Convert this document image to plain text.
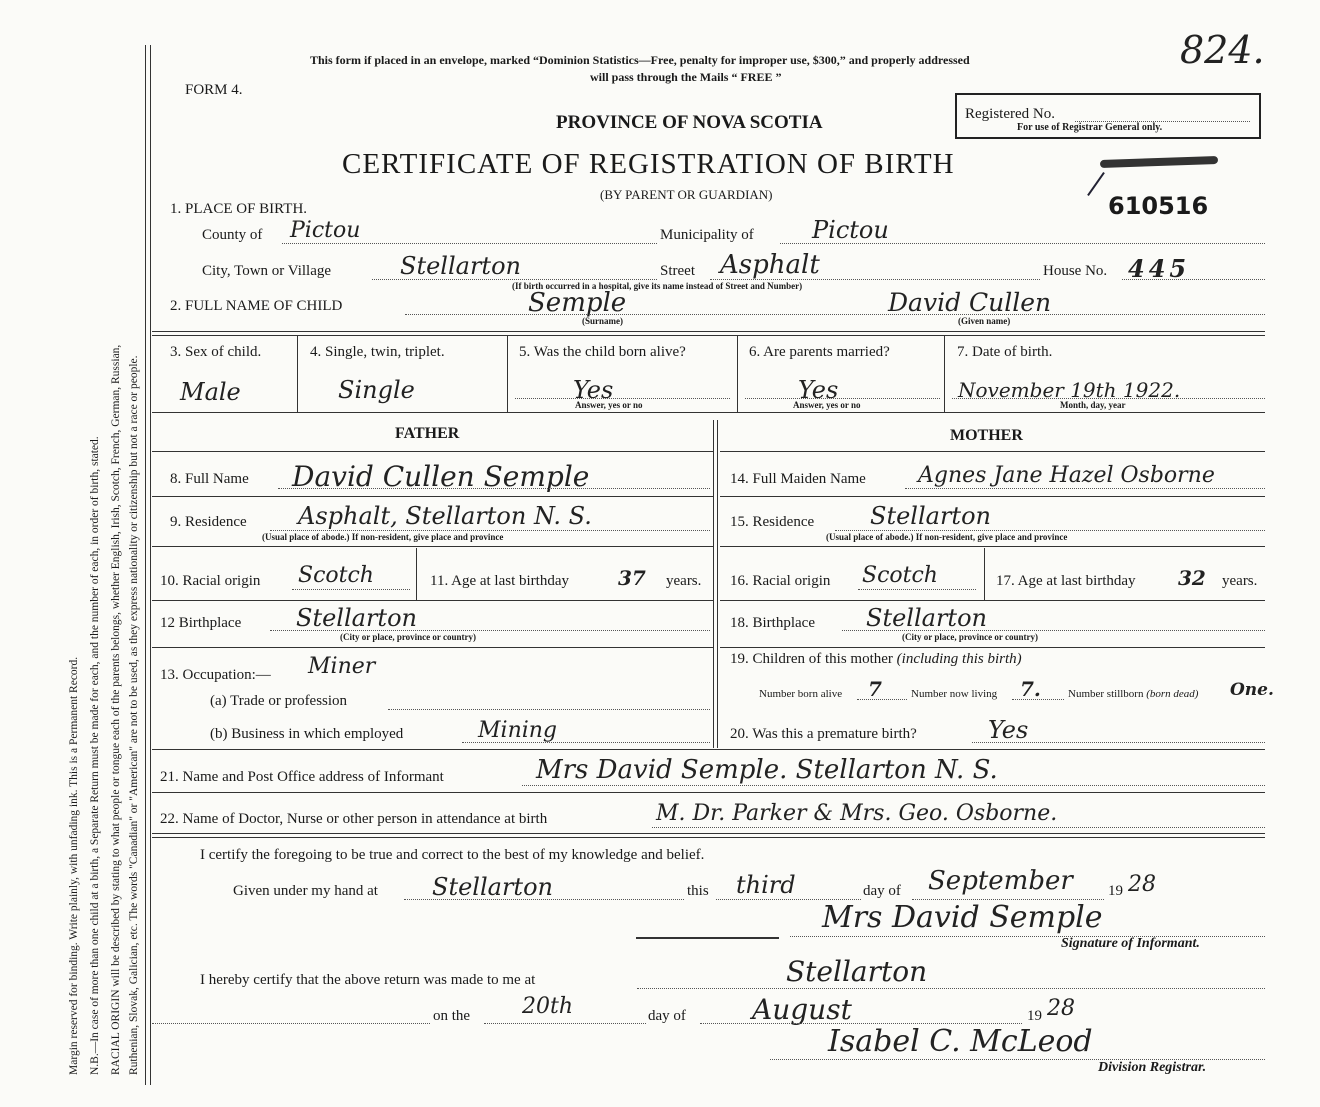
Margin reserved for binding. Write plainly, with unfading ink. This is a Permanent Record. N.B.—In case of more than one child at a birth, a Separate Return must be made for each, and the number of each, in order of birth, stated. RACIAL ORIGIN will be described by stating to what people or tongue each of the parents belongs, whether English, Irish, Scotch, French, German, Russian, Ruthenian, Slovak, Galician, etc. The words "Canadian" or "American" are not to be used, as they express nationality or citizenship but not a race or people.
This form if placed in an envelope, marked “Dominion Statistics—Free, penalty for improper use, $300,” and properly addressed
will pass through the Mails “ FREE ”
FORM 4.
824.
Registered No.
For use of Registrar General only.
PROVINCE OF NOVA SCOTIA
CERTIFICATE OF REGISTRATION OF BIRTH
(BY PARENT OR GUARDIAN)	610516
1. PLACE OF BIRTH.
County of Pictou	Municipality of Pictou
City, Town or Village	Stellarton
(If birth occurred in a hospital, give its name instead of Street and Number)
Street Asphalt	House No. 445
2. FULL NAME OF CHILD	Semple
(Surname)
David Cullen
(Given name)
3. Sex of child.
Male
4. Single, twin, triplet.
Single
5. Was the child born alive?
Yes
Answer, yes or no
6. Are parents married?
Yes
Answer, yes or no
7. Date of birth.
November 19th 1922.
Month, day, year
FATHER	MOTHER
8. Full Name David Cullen Semple
9. Residence Asphalt, Stellarton N. S.
(Usual place of abode.) If non-resident, give place and province
10. Racial origin Scotch	11. Age at last birthday 37 years.
12 Birthplace Stellarton
(City or place, province or country)
13. Occupation:— Miner
(a) Trade or profession
(b) Business in which employed	Mining
14. Full Maiden Name Agnes Jane Hazel Osborne
15. Residence Stellarton
(Usual place of abode.) If non-resident, give place and province
16. Racial origin Scotch	17. Age at last birthday 32 years.
18. Birthplace Stellarton
(City or place, province or country)
19. Children of this mother (including this birth)
Number born alive 7	Number now living 7. Number stillborn (born dead) One.
20. Was this a premature birth?	Yes
21. Name and Post Office address of Informant	Mrs David Semple. Stellarton N. S.
22. Name of Doctor, Nurse or other person in attendance at birth	M. Dr. Parker & Mrs. Geo. Osborne.
I certify the foregoing to be true and correct to the best of my knowledge and belief.
Given under my hand at Stellarton	this third	day of September 19 28
Mrs David Semple
Signature of Informant.
I hereby certify that the above return was made to me at	Stellarton
on the 20th	day of August	19 28
Isabel C. McLeod
Division Registrar.
